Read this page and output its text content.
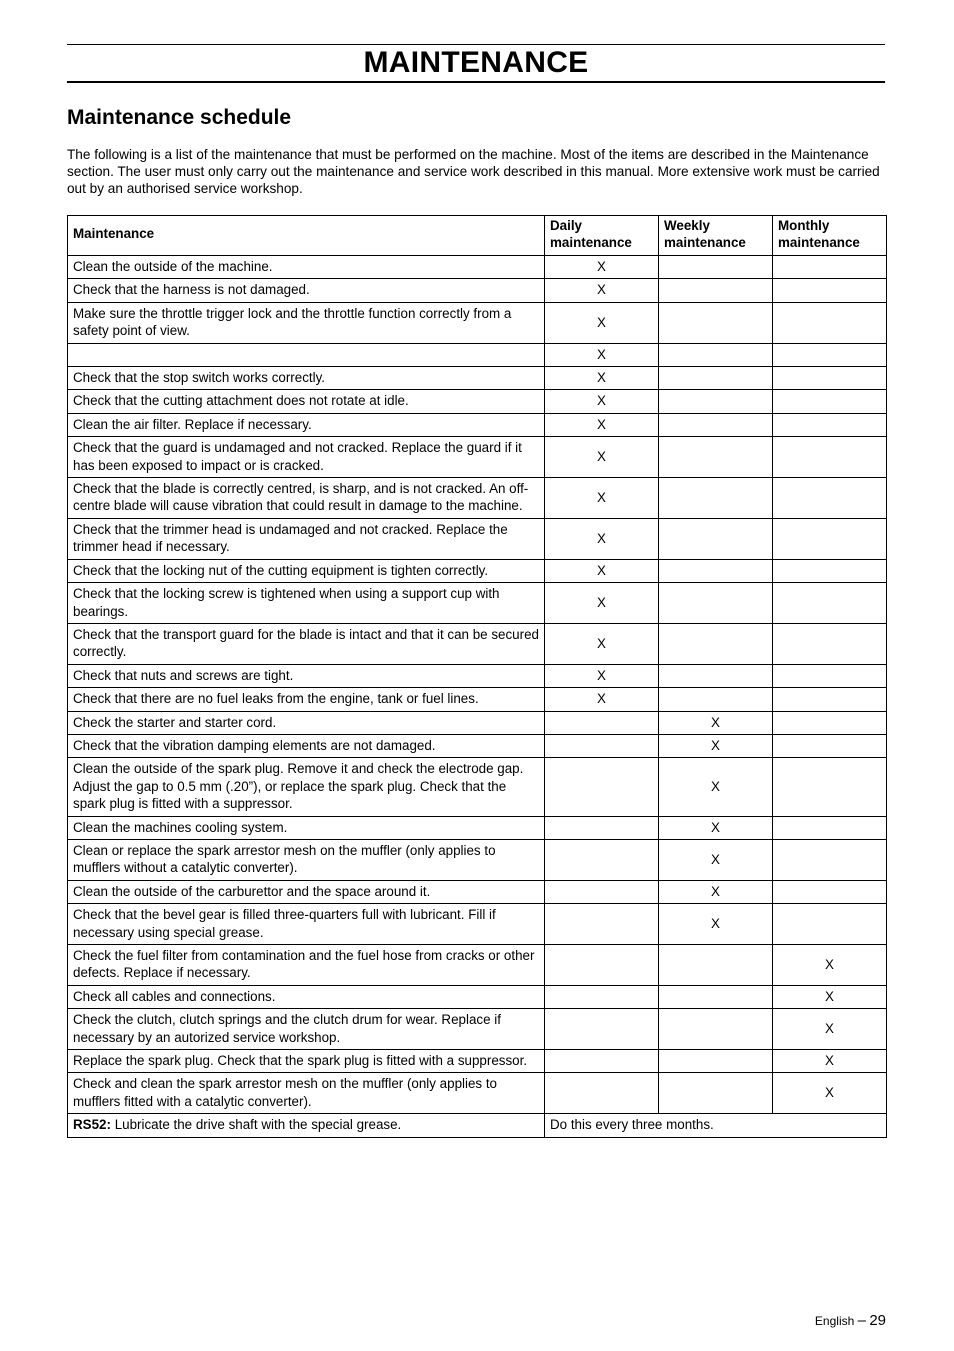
MAINTENANCE
Maintenance schedule

The following is a list of the maintenance that must be performed on the machine. Most of the items are described in the Maintenance section. The user must only carry out the maintenance and service work described in this manual. More extensive work must be carried out by an authorised service workshop.

Maintenance	Daily maintenance	Weekly maintenance	Monthly maintenance
Clean the outside of the machine.	X		
Check that the harness is not damaged.	X		
Make sure the throttle trigger lock and the throttle function correctly from a safety point of view.	X		
	X		
Check that the stop switch works correctly.	X		
Check that the cutting attachment does not rotate at idle.	X		
Clean the air filter. Replace if necessary.	X		
Check that the guard is undamaged and not cracked. Replace the guard if it has been exposed to impact or is cracked.	X		
Check that the blade is correctly centred, is sharp, and is not cracked. An off-centre blade will cause vibration that could result in damage to the machine.	X		
Check that the trimmer head is undamaged and not cracked. Replace the trimmer head if necessary.	X		
Check that the locking nut of the cutting equipment is tighten correctly.	X		
Check that the locking screw is tightened when using a support cup with bearings.	X		
Check that the transport guard for the blade is intact and that it can be secured correctly.	X		
Check that nuts and screws are tight.	X		
Check that there are no fuel leaks from the engine, tank or fuel lines.	X		
Check the starter and starter cord.		X	
Check that the vibration damping elements are not damaged.		X	
Clean the outside of the spark plug. Remove it and check the electrode gap. Adjust the gap to 0.5 mm (.20”), or replace the spark plug. Check that the spark plug is fitted with a suppressor.		X	
Clean the machines cooling system.		X	
Clean or replace the spark arrestor mesh on the muffler (only applies to mufflers without a catalytic converter).		X	
Clean the outside of the carburettor and the space around it.		X	
Check that the bevel gear is filled three-quarters full with lubricant. Fill if necessary using special grease.		X	
Check the fuel filter from contamination and the fuel hose from cracks or other defects. Replace if necessary.			X
Check all cables and connections.			X
Check the clutch, clutch springs and the clutch drum for wear. Replace if necessary by an autorized service workshop.			X
Replace the spark plug. Check that the spark plug is fitted with a suppressor.			X
Check and clean the spark arrestor mesh on the muffler (only applies to mufflers fitted with a catalytic converter).			X
RS52: Lubricate the drive shaft with the special grease.	Do this every three months.		
English – 29
